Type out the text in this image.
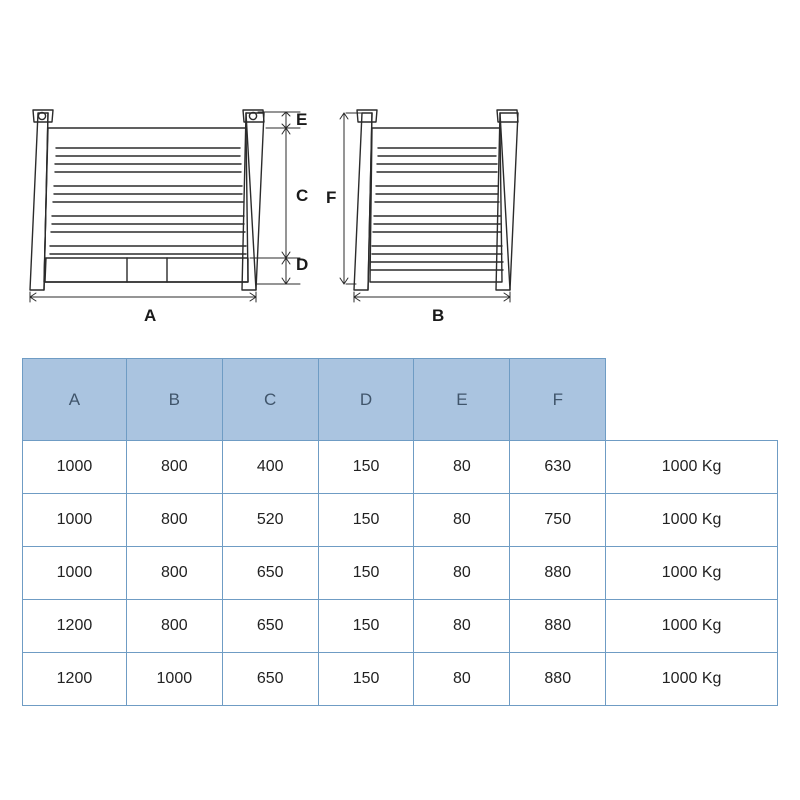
E
C
D
A
F
B
A	B	C	D	E	F	
1000	800	400	150	80	630	1000 Kg
1000	800	520	150	80	750	1000 Kg
1000	800	650	150	80	880	1000 Kg
1200	800	650	150	80	880	1000 Kg
1200	1000	650	150	80	880	1000 Kg
